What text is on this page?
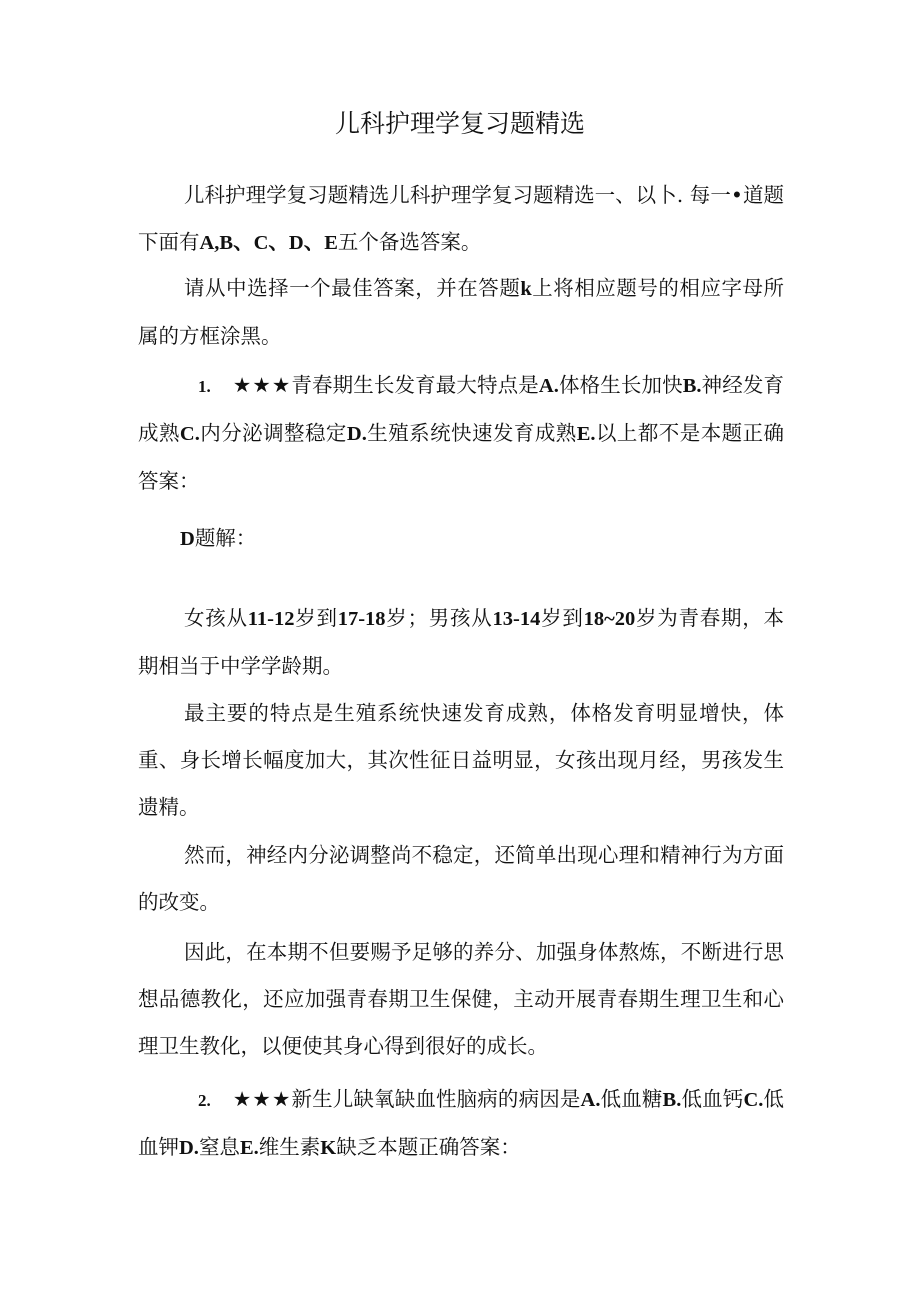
儿科护理学复习题精选

儿科护理学复习题精选儿科护理学复习题精选一、以卜. 每一•道题下面有A,B、C、D、E五个备选答案。

请从中选择一个最佳答案，并在答题k上将相应题号的相应字母所属的方框涂黑。

1. ★★★青春期生长发育最大特点是A.体格生长加快B.神经发育成熟C.内分泌调整稳定D.生殖系统快速发育成熟E.以上都不是本题正确答案：

D题解：

女孩从11-12岁到17-18岁；男孩从13-14岁到18~20岁为青春期，本期相当于中学学龄期。

最主要的特点是生殖系统快速发育成熟，体格发育明显增快，体重、身长增长幅度加大，其次性征日益明显，女孩出现月经，男孩发生遗精。

然而，神经内分泌调整尚不稳定，还简单出现心理和精神行为方面的改变。

因此，在本期不但要赐予足够的养分、加强身体熬炼，不断进行思想品德教化，还应加强青春期卫生保健，主动开展青春期生理卫生和心理卫生教化，以便使其身心得到很好的成长。

2. ★★★新生儿缺氧缺血性脑病的病因是A.低血糖B.低血钙C.低血钾D.窒息E.维生素K缺乏本题正确答案：
